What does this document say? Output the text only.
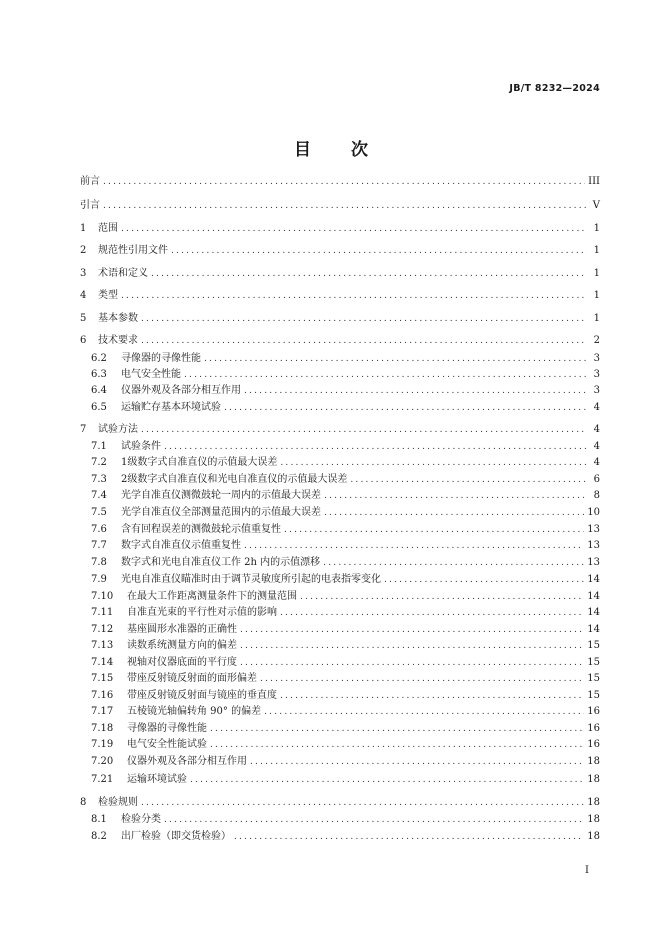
JB/T 8232—2024
目次
前言 .....	III
引言 .....	V
1	范围 .....	1
2	规范性引用文件 .....	1
3	术语和定义 .....	1
4	类型 .....	1
5	基本参数 .....	1
6	技术要求 .....	2
6.2	寻像器的寻像性能 .....	3
6.3	电气安全性能 .....	3
6.4	仪器外观及各部分相互作用 .....	3
6.5	运输贮存基本环境试验 .....	4
7	试验方法 .....	4
7.1	试验条件 .....	4
7.2	1级数字式自准直仪的示值最大误差 .....	4
7.3	2级数字式自准直仪和光电自准直仪的示值最大误差 .....	6
7.4	光学自准直仪测微鼓轮一周内的示值最大误差 .....	8
7.5	光学自准直仪全部测量范围内的示值最大误差 .....	10
7.6	含有回程误差的测微鼓轮示值重复性 .....	13
7.7	数字式自准直仪示值重复性 .....	13
7.8	数字式和光电自准直仪工作 2h 内的示值漂移 .....	13
7.9	光电自准直仪瞄准时由于调节灵敏度所引起的电表指零变化 .....	14
7.10	在最大工作距离测量条件下的测量范围 .....	14
7.11	自准直光束的平行性对示值的影响 .....	14
7.12	基座圆形水准器的正确性 .....	14
7.13	读数系统测量方向的偏差 .....	15
7.14	视轴对仪器底面的平行度 .....	15
7.15	带座反射镜反射面的面形偏差 .....	15
7.16	带座反射镜反射面与镜座的垂直度 .....	15
7.17	五棱镜光轴偏转角 90° 的偏差 .....	16
7.18	寻像器的寻像性能 .....	16
7.19	电气安全性能试验 .....	16
7.20	仪器外观及各部分相互作用 .....	18
7.21	运输环境试验 .....	18
8	检验规则 .....	18
8.1	检验分类 .....	18
8.2	出厂检验（即交货检验） .....	18
I
